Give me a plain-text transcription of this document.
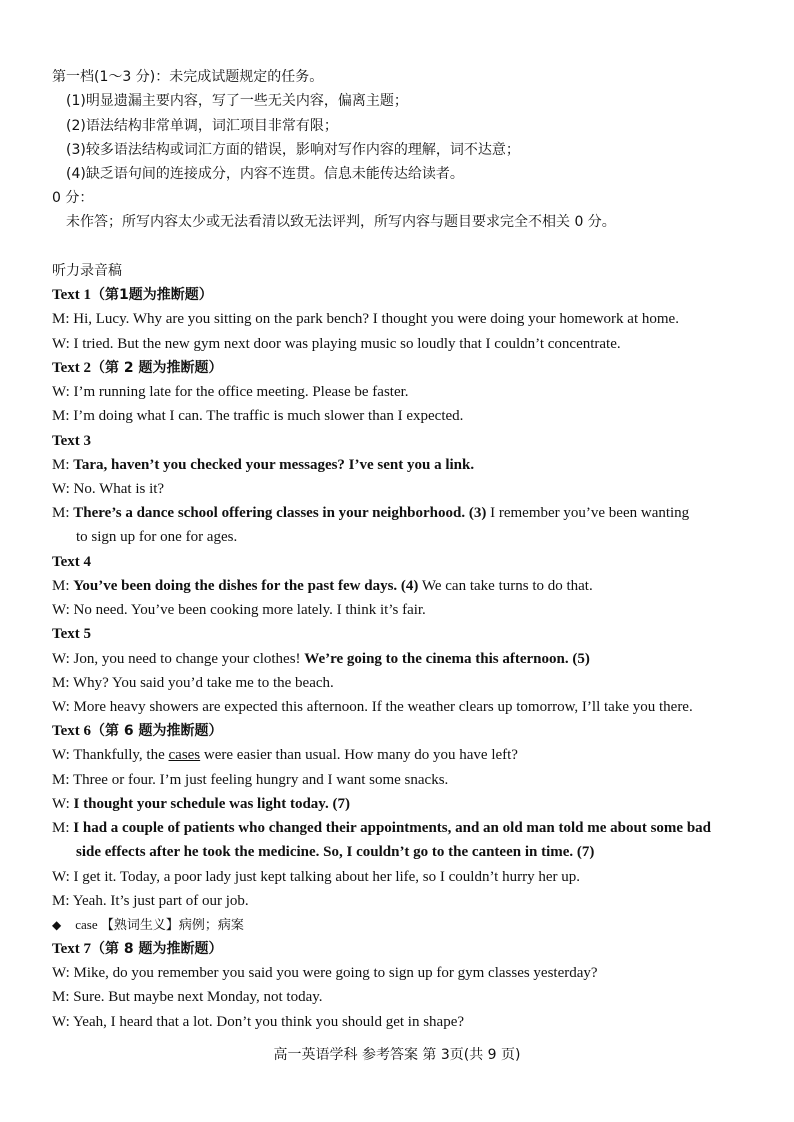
第一档(1～3 分)：未完成试题规定的任务。
(1)明显遗漏主要内容，写了一些无关内容，偏离主题；
(2)语法结构非常单调，词汇项目非常有限；
(3)较多语法结构或词汇方面的错误，影响对写作内容的理解，词不达意；
(4)缺乏语句间的连接成分，内容不连贯。信息未能传达给读者。
0 分：
未作答；所写内容太少或无法看清以致无法评判，所写内容与题目要求完全不相关 0 分。
听力录音稿
Text 1（第1题为推断题）
M: Hi, Lucy. Why are you sitting on the park bench? I thought you were doing your homework at home.
W: I tried. But the new gym next door was playing music so loudly that I couldn’t concentrate.
Text 2（第 2 题为推断题）
W: I’m running late for the office meeting. Please be faster.
M: I’m doing what I can. The traffic is much slower than I expected.
Text 3
M: Tara, haven’t you checked your messages? I’ve sent you a link.
W: No. What is it?
M: There’s a dance school offering classes in your neighborhood. (3) I remember you’ve been wanting
to sign up for one for ages.
Text 4
M: You’ve been doing the dishes for the past few days. (4) We can take turns to do that.
W: No need. You’ve been cooking more lately. I think it’s fair.
Text 5
W: Jon, you need to change your clothes! We’re going to the cinema this afternoon. (5)
M: Why? You said you’d take me to the beach.
W: More heavy showers are expected this afternoon. If the weather clears up tomorrow, I’ll take you there.
Text 6（第 6 题为推断题）
W: Thankfully, the cases were easier than usual. How many do you have left?
M: Three or four. I’m just feeling hungry and I want some snacks.
W: I thought your schedule was light today. (7)
M: I had a couple of patients who changed their appointments, and an old man told me about some bad
side effects after he took the medicine. So, I couldn’t go to the canteen in time. (7)
W: I get it. Today, a poor lady just kept talking about her life, so I couldn’t hurry her up.
M: Yeah. It’s just part of our job.
◆ case 【熟词生义】病例；病案
Text 7（第 8 题为推断题）
W: Mike, do you remember you said you were going to sign up for gym classes yesterday?
M: Sure. But maybe next Monday, not today.
W: Yeah, I heard that a lot. Don’t you think you should get in shape?
高一英语学科 参考答案 第 3页(共 9 页)
